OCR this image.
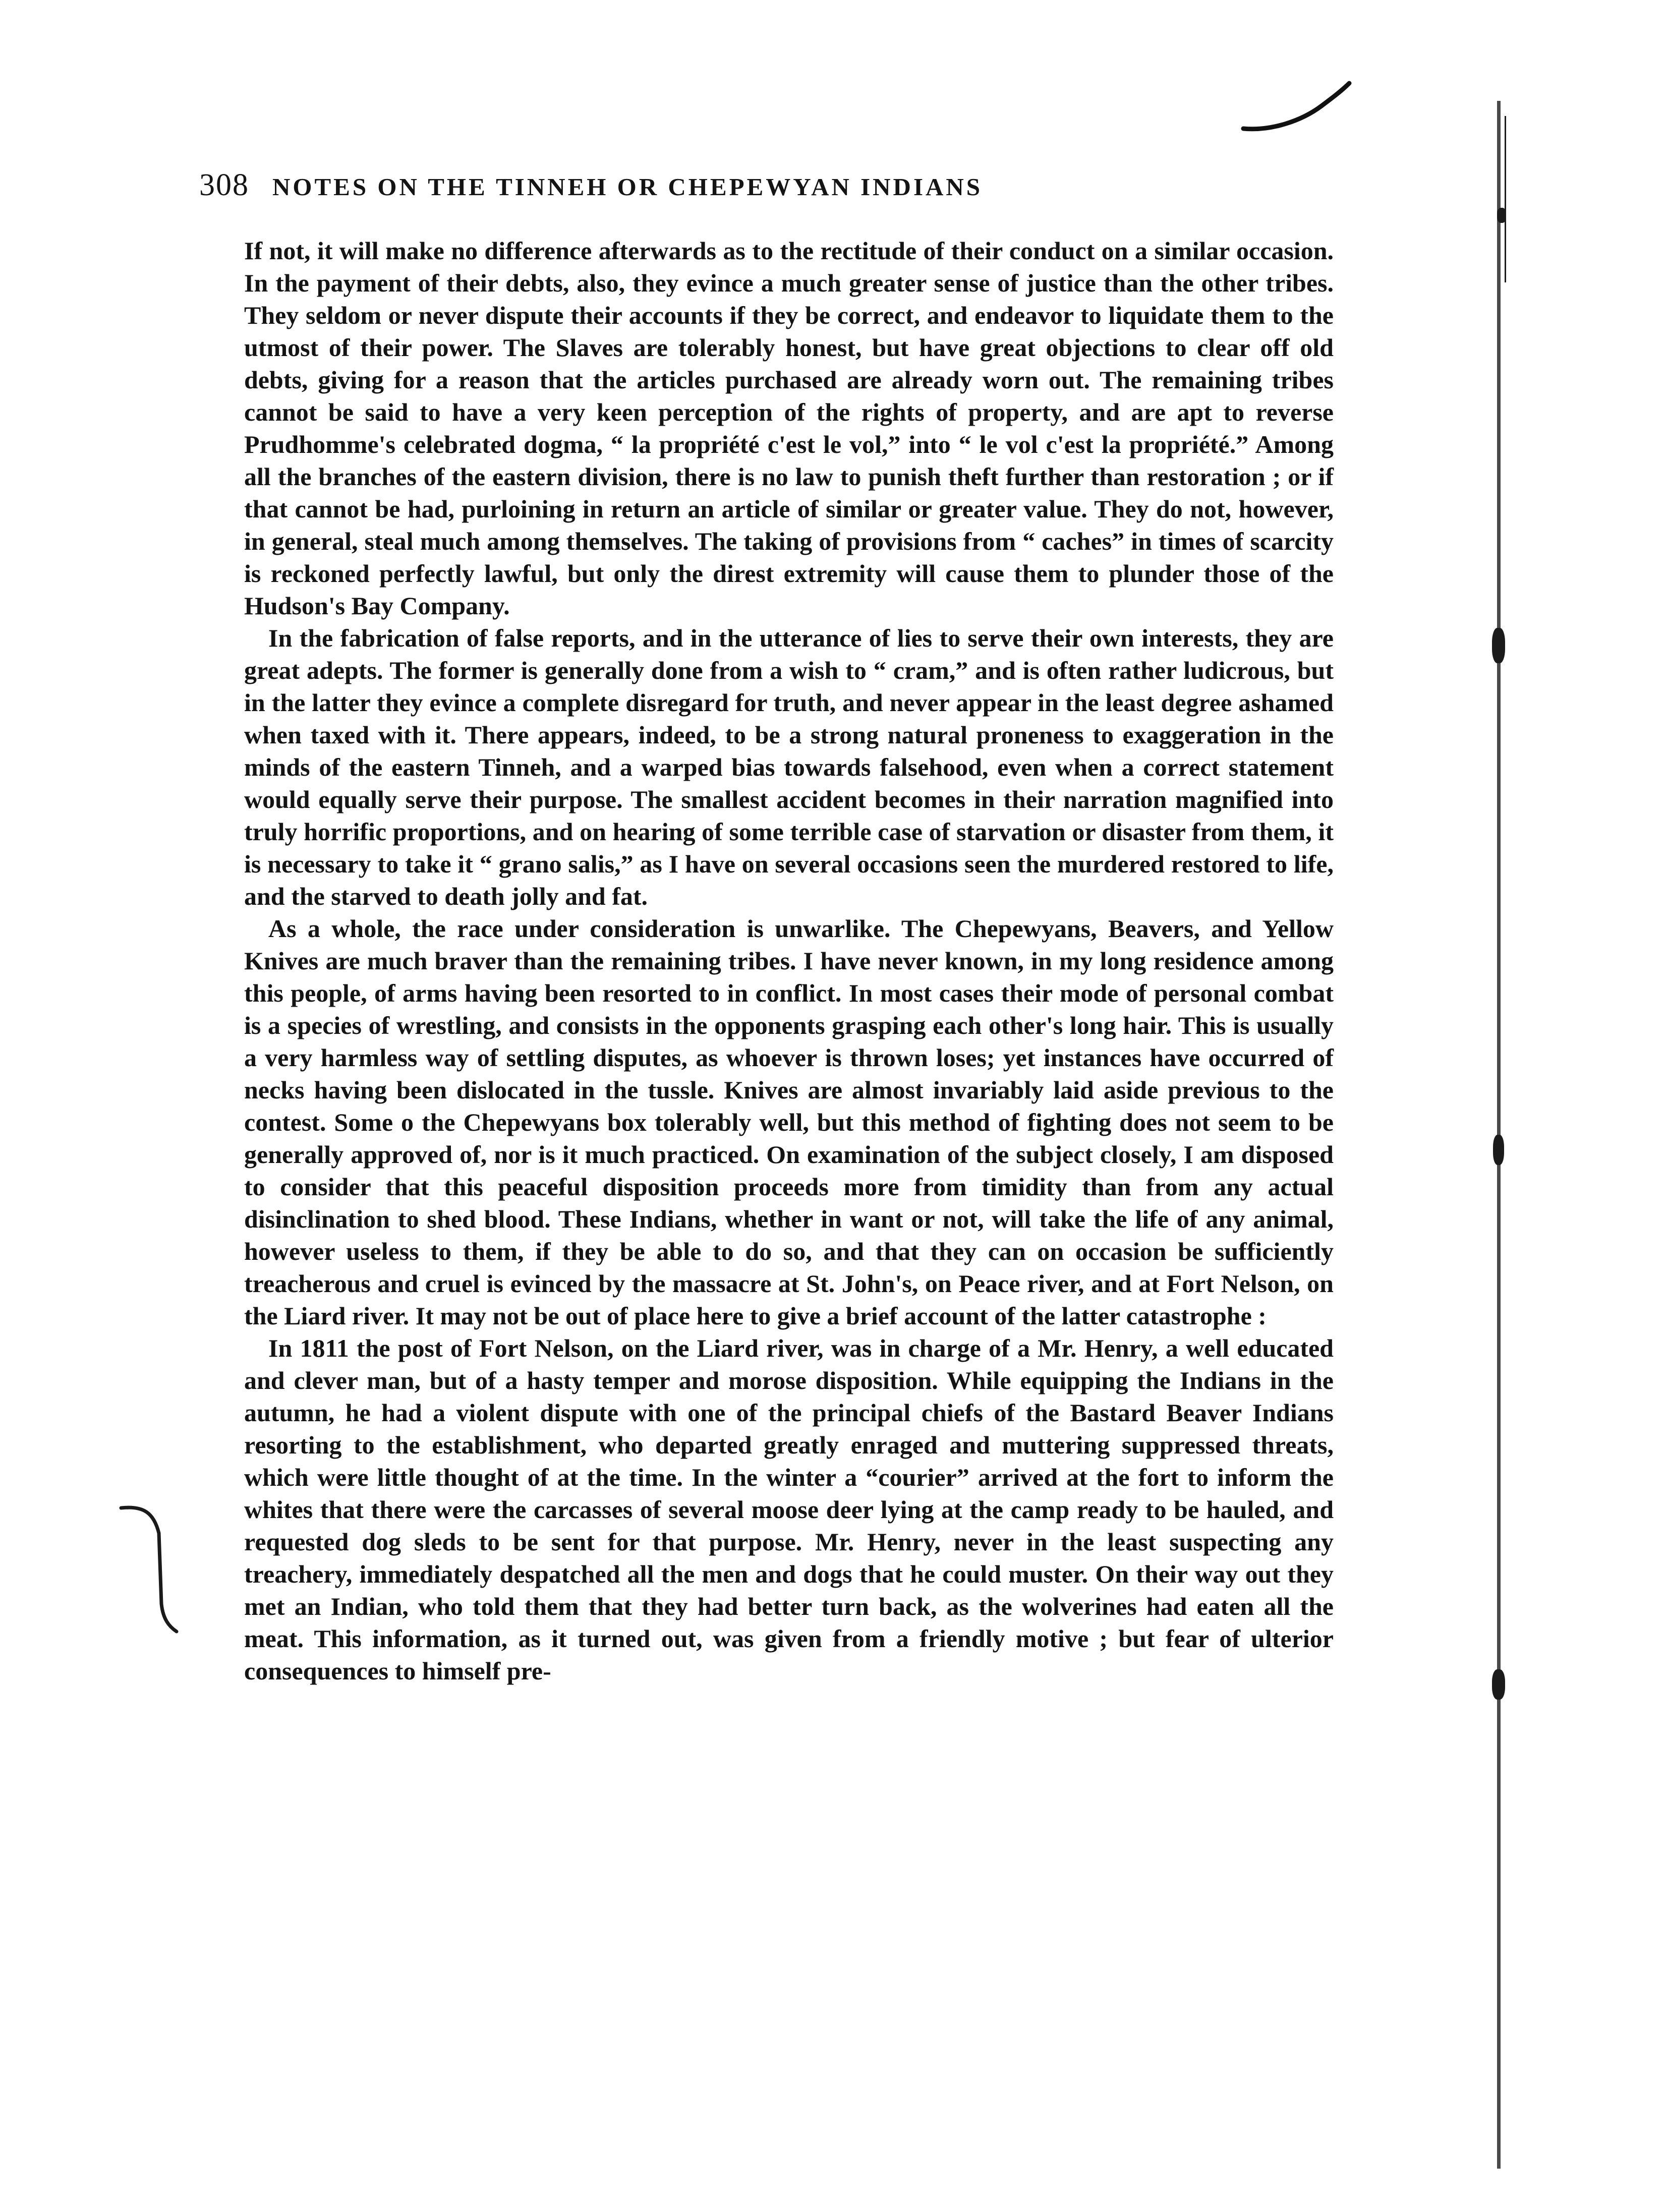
308 NOTES ON THE TINNEH OR CHEPEWYAN INDIANS

If not, it will make no difference afterwards as to the rectitude of their conduct on a similar occasion. In the payment of their debts, also, they evince a much greater sense of justice than the other tribes. They seldom or never dispute their accounts if they be correct, and endeavor to liquidate them to the utmost of their power. The Slaves are tolerably honest, but have great objections to clear off old debts, giving for a reason that the articles purchased are already worn out. The remaining tribes cannot be said to have a very keen perception of the rights of property, and are apt to reverse Prudhomme's celebrated dogma, “ la propriété c'est le vol,” into “ le vol c'est la propriété.” Among all the branches of the eastern division, there is no law to punish theft further than restoration ; or if that cannot be had, purloining in return an article of similar or greater value. They do not, however, in general, steal much among themselves. The taking of provisions from “ caches” in times of scarcity is reckoned perfectly lawful, but only the direst extremity will cause them to plunder those of the Hudson's Bay Company.

In the fabrication of false reports, and in the utterance of lies to serve their own interests, they are great adepts. The former is generally done from a wish to “ cram,” and is often rather ludicrous, but in the latter they evince a complete disregard for truth, and never appear in the least degree ashamed when taxed with it. There appears, indeed, to be a strong natural proneness to exaggeration in the minds of the eastern Tinneh, and a warped bias towards falsehood, even when a correct statement would equally serve their purpose. The smallest accident becomes in their narration magnified into truly horrific proportions, and on hearing of some terrible case of starvation or disaster from them, it is necessary to take it “ grano salis,” as I have on several occasions seen the murdered restored to life, and the starved to death jolly and fat.

As a whole, the race under consideration is unwarlike. The Chepewyans, Beavers, and Yellow Knives are much braver than the remaining tribes. I have never known, in my long residence among this people, of arms having been resorted to in conflict. In most cases their mode of personal combat is a species of wrestling, and consists in the opponents grasping each other's long hair. This is usually a very harmless way of settling disputes, as whoever is thrown loses; yet instances have occurred of necks having been dislocated in the tussle. Knives are almost invariably laid aside previous to the contest. Some o the Chepewyans box tolerably well, but this method of fighting does not seem to be generally approved of, nor is it much practiced. On examination of the subject closely, I am disposed to consider that this peaceful disposition proceeds more from timidity than from any actual disinclination to shed blood. These Indians, whether in want or not, will take the life of any animal, however useless to them, if they be able to do so, and that they can on occasion be sufficiently treacherous and cruel is evinced by the massacre at St. John's, on Peace river, and at Fort Nelson, on the Liard river. It may not be out of place here to give a brief account of the latter catastrophe :

In 1811 the post of Fort Nelson, on the Liard river, was in charge of a Mr. Henry, a well educated and clever man, but of a hasty temper and morose disposition. While equipping the Indians in the autumn, he had a violent dispute with one of the principal chiefs of the Bastard Beaver Indians resorting to the establishment, who departed greatly enraged and muttering suppressed threats, which were little thought of at the time. In the winter a “courier” arrived at the fort to inform the whites that there were the carcasses of several moose deer lying at the camp ready to be hauled, and requested dog sleds to be sent for that purpose. Mr. Henry, never in the least suspecting any treachery, immediately despatched all the men and dogs that he could muster. On their way out they met an Indian, who told them that they had better turn back, as the wolverines had eaten all the meat. This information, as it turned out, was given from a friendly motive ; but fear of ulterior consequences to himself pre-
